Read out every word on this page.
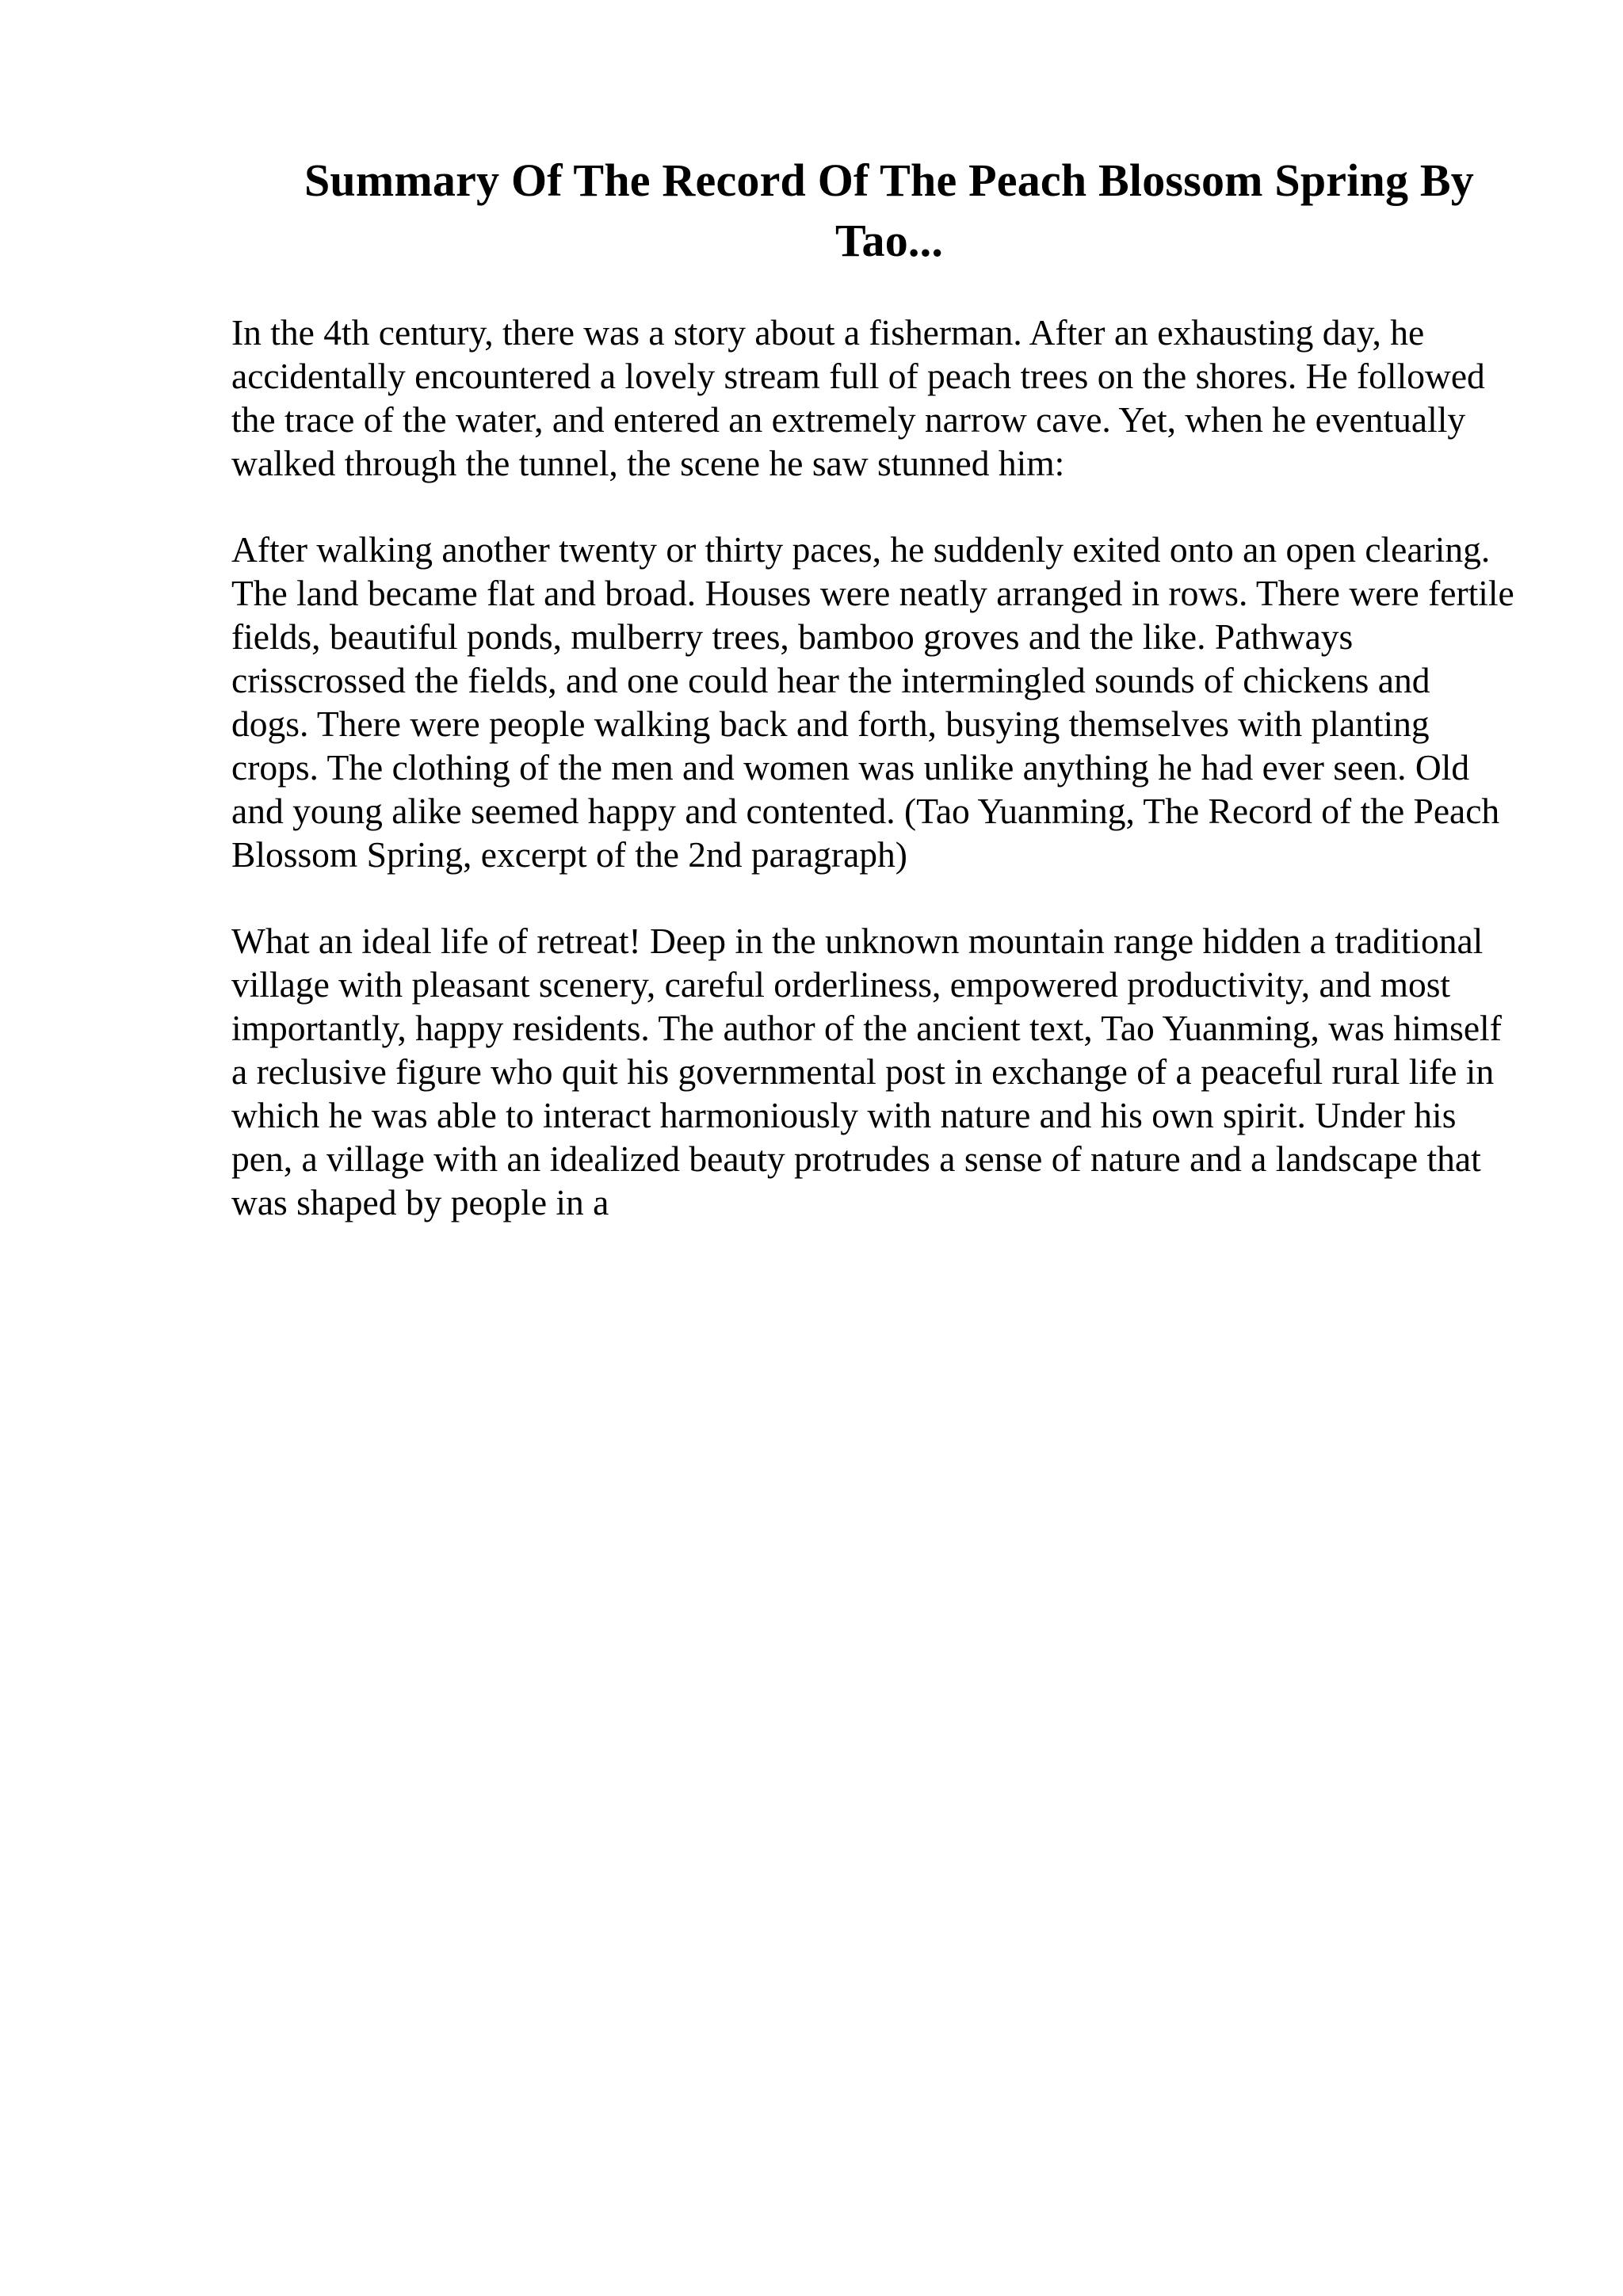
Summary Of The Record Of The Peach Blossom Spring By Tao...

In the 4th century, there was a story about a fisherman. After an exhausting day, he accidentally encountered a lovely stream full of peach trees on the shores. He followed the trace of the water, and entered an extremely narrow cave. Yet, when he eventually walked through the tunnel, the scene he saw stunned him:

After walking another twenty or thirty paces, he suddenly exited onto an open clearing. The land became flat and broad. Houses were neatly arranged in rows. There were fertile fields, beautiful ponds, mulberry trees, bamboo groves and the like. Pathways crisscrossed the fields, and one could hear the intermingled sounds of chickens and dogs. There were people walking back and forth, busying themselves with planting crops. The clothing of the men and women was unlike anything he had ever seen. Old and young alike seemed happy and contented. (Tao Yuanming, The Record of the Peach Blossom Spring, excerpt of the 2nd paragraph)

What an ideal life of retreat! Deep in the unknown mountain range hidden a traditional village with pleasant scenery, careful orderliness, empowered productivity, and most importantly, happy residents. The author of the ancient text, Tao Yuanming, was himself a reclusive figure who quit his governmental post in exchange of a peaceful rural life in which he was able to interact harmoniously with nature and his own spirit. Under his pen, a village with an idealized beauty protrudes a sense of nature and a landscape that was shaped by people in a
